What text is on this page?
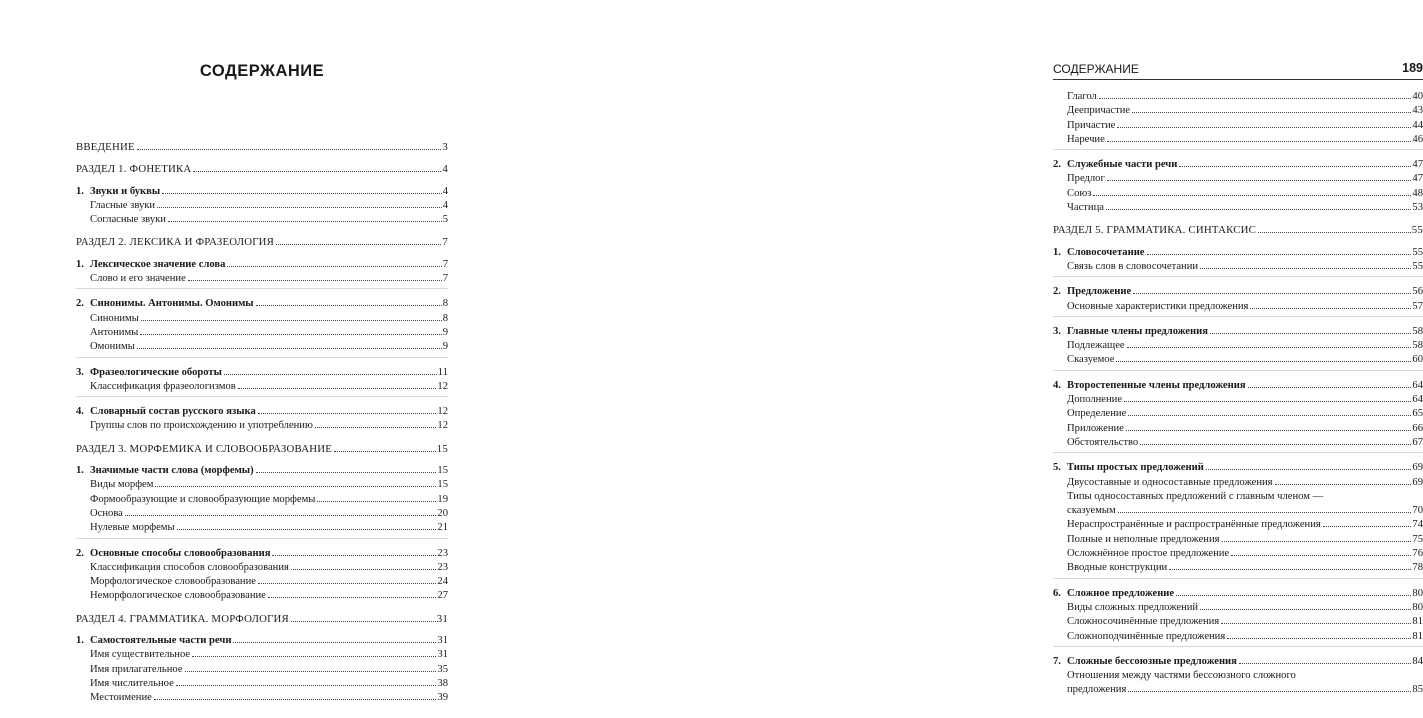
СОДЕРЖАНИЕ
ВВЕДЕНИЕ	3
РАЗДЕЛ 1. ФОНЕТИКА	4
1. Звуки и буквы	4
Гласные звуки	4
Согласные звуки	5
РАЗДЕЛ 2. ЛЕКСИКА И ФРАЗЕОЛОГИЯ	7
1. Лексическое значение слова	7
Слово и его значение	7
2. Синонимы. Антонимы. Омонимы	8
Синонимы	8
Антонимы	9
Омонимы	9
3. Фразеологические обороты	11
Классификация фразеологизмов	12
4. Словарный состав русского языка	12
Группы слов по происхождению и употреблению	12
РАЗДЕЛ 3. МОРФЕМИКА И СЛОВООБРАЗОВАНИЕ	15
1. Значимые части слова (морфемы)	15
Виды морфем	15
Формообразующие и словообразующие морфемы	19
Основа	20
Нулевые морфемы	21
2. Основные способы словообразования	23
Классификация способов словообразования	23
Морфологическое словообразование	24
Неморфологическое словообразование	27
РАЗДЕЛ 4. ГРАММАТИКА. МОРФОЛОГИЯ	31
1. Самостоятельные части речи	31
Имя существительное	31
Имя прилагательное	35
Имя числительное	38
Местоимение	39
СОДЕРЖАНИЕ	189
Глагол	40
Деепричастие	43
Причастие	44
Наречие	46
2. Служебные части речи	47
Предлог	47
Союз	48
Частица	53
РАЗДЕЛ 5. ГРАММАТИКА. СИНТАКСИС	55
1. Словосочетание	55
Связь слов в словосочетании	55
2. Предложение	56
Основные характеристики предложения	57
3. Главные члены предложения	58
Подлежащее	58
Сказуемое	60
4. Второстепенные члены предложения	64
Дополнение	64
Определение	65
Приложение	66
Обстоятельство	67
5. Типы простых предложений	69
Двусоставные и односоставные предложения	69
Типы односоставных предложений с главным членом —
сказуемым	70
Нераспространённые и распространённые предложения	74
Полные и неполные предложения	75
Осложнённое простое предложение	76
Вводные конструкции	78
6. Сложное предложение	80
Виды сложных предложений	80
Сложносочинённые предложения	81
Сложноподчинённые предложения	81
7. Сложные бессоюзные предложения	84
Отношения между частями бессоюзного сложного
предложения	85
